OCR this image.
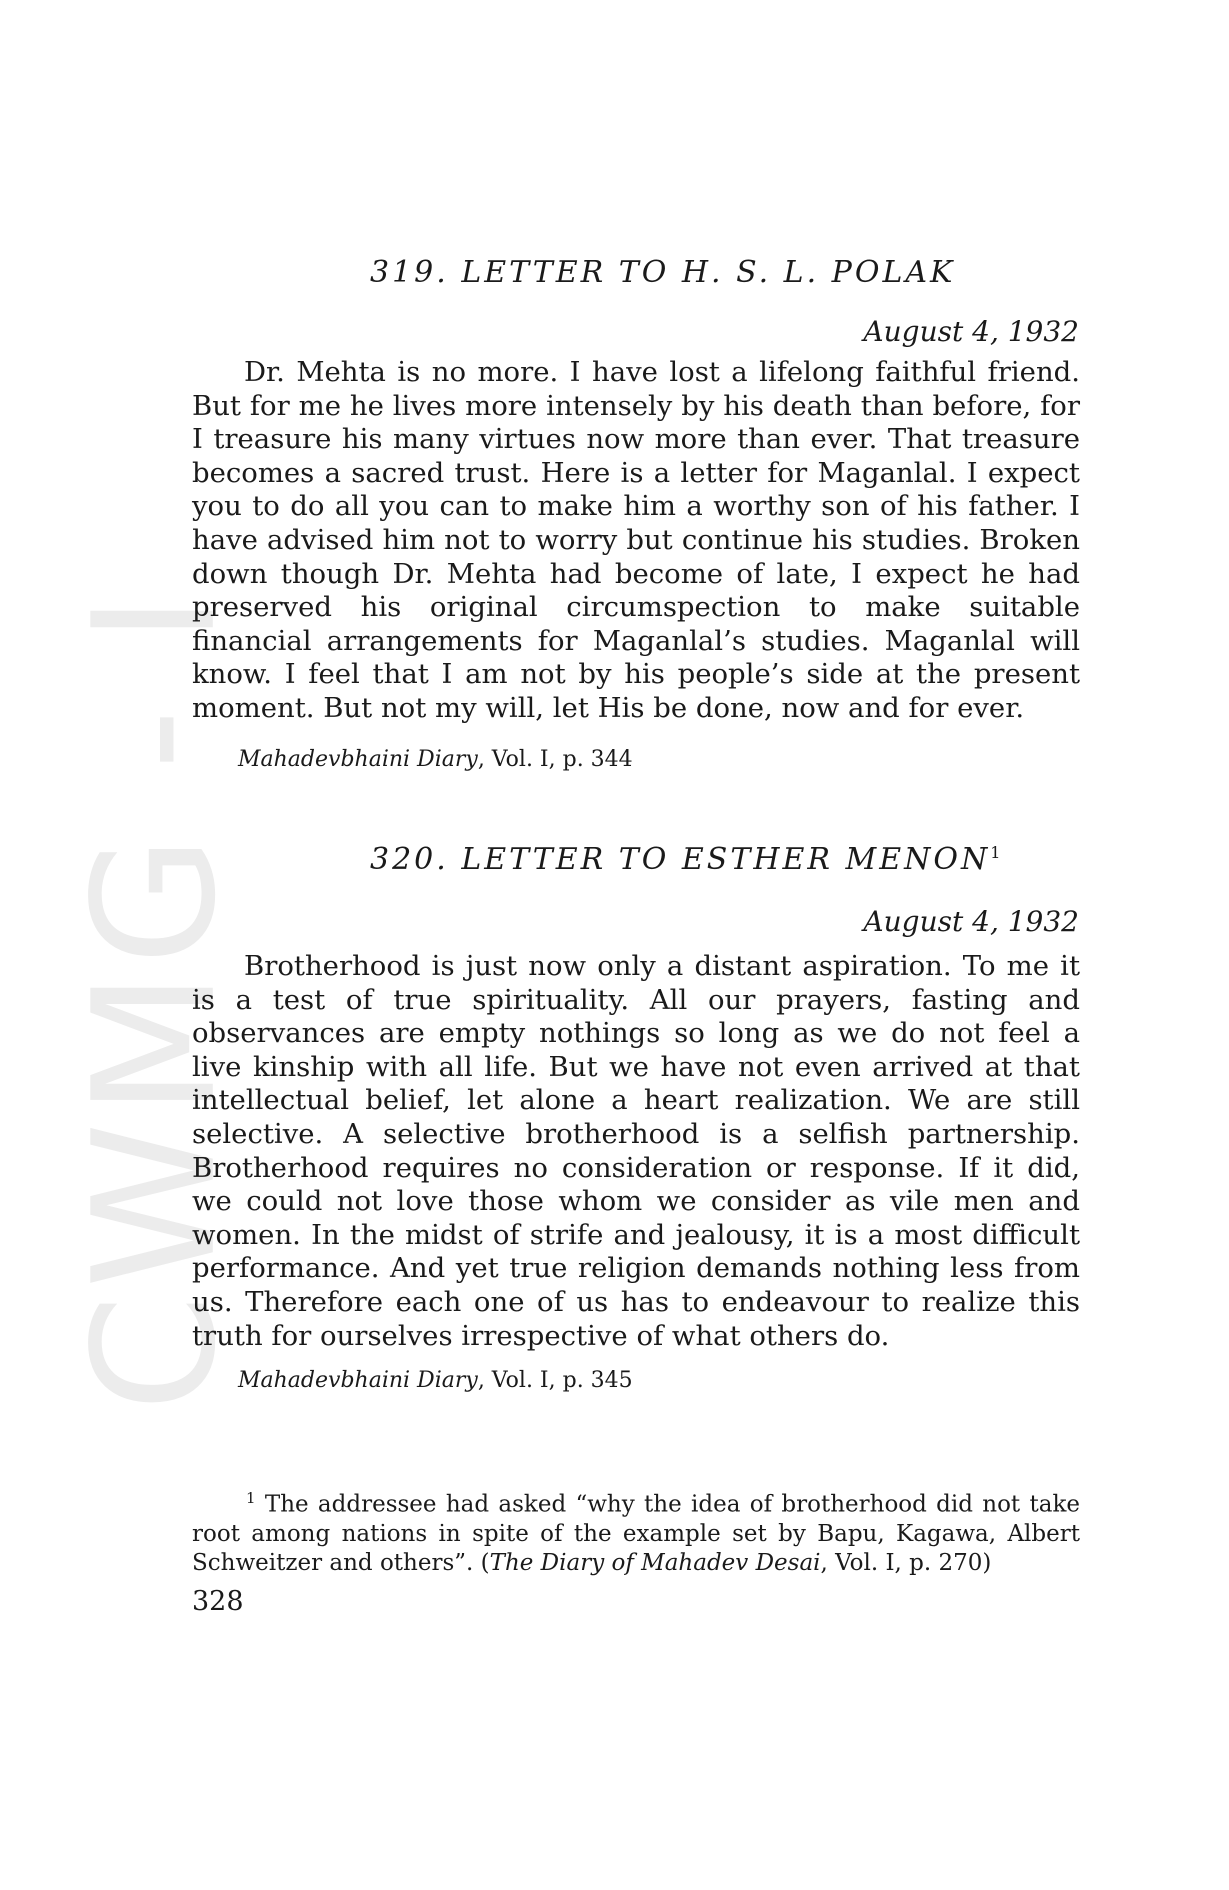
CWMG - I
319. LETTER TO H. S. L. POLAK

August 4, 1932

Dr. Mehta is no more. I have lost a lifelong faithful friend. But for me he lives more intensely by his death than before, for I treasure his many virtues now more than ever. That treasure becomes a sacred trust. Here is a letter for Maganlal. I expect you to do all you can to make him a worthy son of his father. I have advised him not to worry but continue his studies. Broken down though Dr. Mehta had become of late, I expect he had preserved his original circumspection to make suitable financial arrangements for Maganlal’s studies. Maganlal will know. I feel that I am not by his people’s side at the present moment. But not my will, let His be done, now and for ever.

Mahadevbhaini Diary, Vol. I, p. 344

320. LETTER TO ESTHER MENON$^1$

August 4, 1932

Brotherhood is just now only a distant aspiration. To me it is a test of true spirituality. All our prayers, fasting and observances are empty nothings so long as we do not feel a live kinship with all life. But we have not even arrived at that intellectual belief, let alone a heart realization. We are still selective. A selective brotherhood is a selfish partnership. Brotherhood requires no consideration or response. If it did, we could not love those whom we consider as vile men and women. In the midst of strife and jealousy, it is a most difficult performance. And yet true religion demands nothing less from us. Therefore each one of us has to endeavour to realize this truth for ourselves irrespective of what others do.

Mahadevbhaini Diary, Vol. I, p. 345

$^1$ The addressee had asked “why the idea of brotherhood did not take root among nations in spite of the example set by Bapu, Kagawa, Albert Schweitzer and others”. (The Diary of Mahadev Desai, Vol. I, p. 270)

328
